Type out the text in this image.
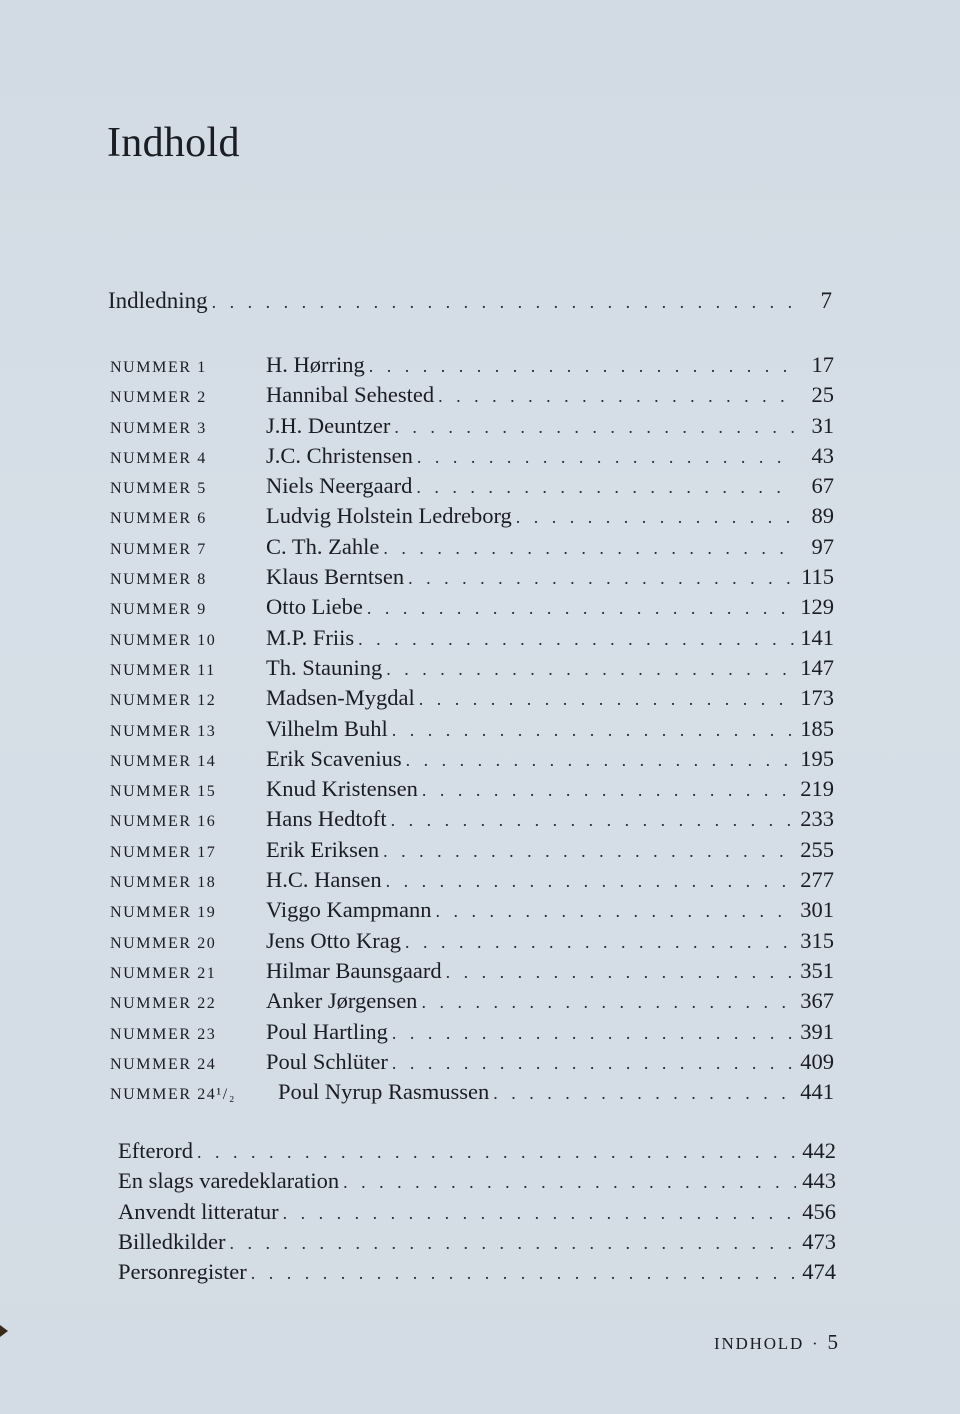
Indhold
Indledning . . .	7
NUMMER 1	H. Hørring . . .	17
NUMMER 2	Hannibal Sehested . . .	25
NUMMER 3	J.H. Deuntzer . . .	31
NUMMER 4	J.C. Christensen . . .	43
NUMMER 5	Niels Neergaard . . .	67
NUMMER 6	Ludvig Holstein Ledreborg . . .	89
NUMMER 7	C. Th. Zahle . . .	97
NUMMER 8	Klaus Berntsen . . .	115
NUMMER 9	Otto Liebe . . .	129
NUMMER 10	M.P. Friis . . .	141
NUMMER 11	Th. Stauning . . .	147
NUMMER 12	Madsen-Mygdal . . .	173
NUMMER 13	Vilhelm Buhl . . .	185
NUMMER 14	Erik Scavenius . . .	195
NUMMER 15	Knud Kristensen . . .	219
NUMMER 16	Hans Hedtoft . . .	233
NUMMER 17	Erik Eriksen . . .	255
NUMMER 18	H.C. Hansen . . .	277
NUMMER 19	Viggo Kampmann . . .	301
NUMMER 20	Jens Otto Krag . . .	315
NUMMER 21	Hilmar Baunsgaard . . .	351
NUMMER 22	Anker Jørgensen . . .	367
NUMMER 23	Poul Hartling . . .	391
NUMMER 24	Poul Schlüter . . .	409
NUMMER 24¹/₂	Poul Nyrup Rasmussen . . .	441
Efterord . . .	442
En slags varedeklaration . . .	443
Anvendt litteratur . . .	456
Billedkilder . . .	473
Personregister . . .	474
INDHOLD · 5
